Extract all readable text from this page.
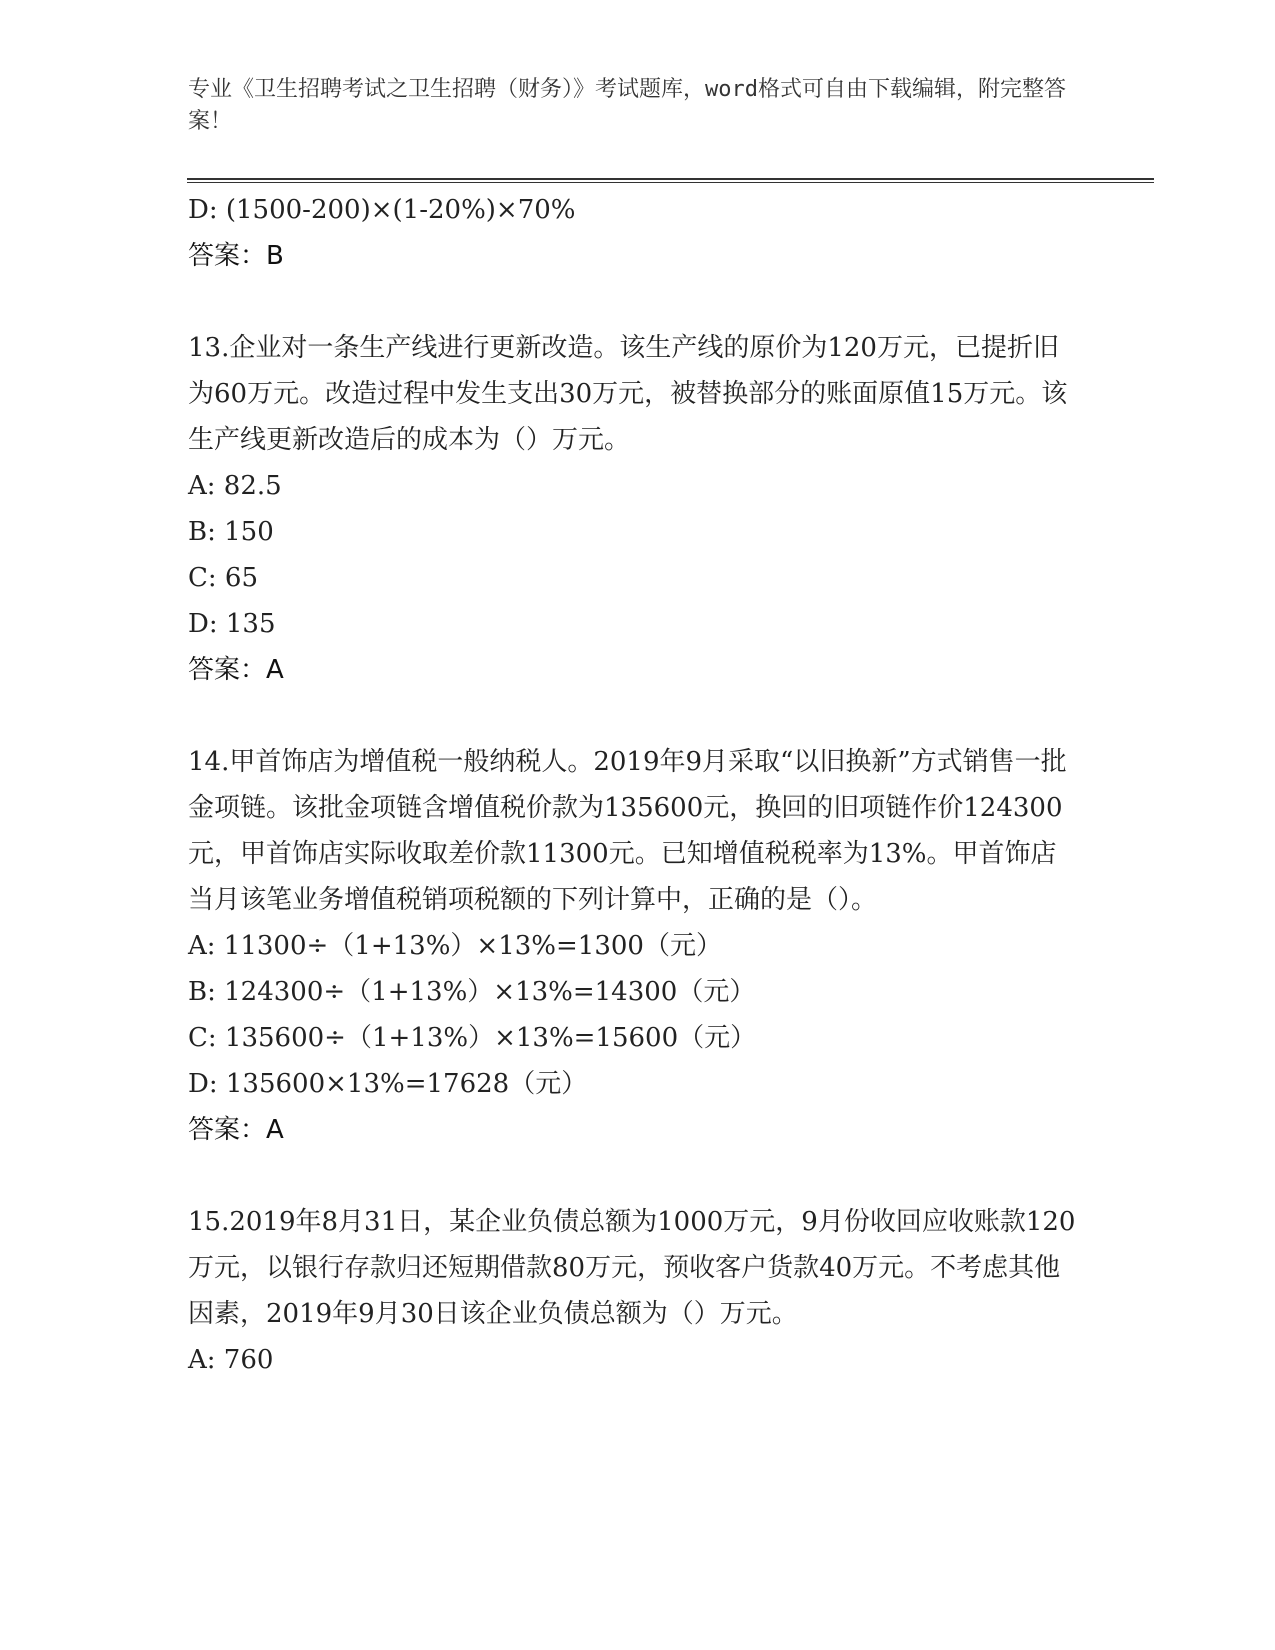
专业《卫生招聘考试之卫生招聘（财务）》考试题库，word格式可自由下载编辑，附完整答案！
D: (1500-200)×(1-20%)×70%
答案：B
13.企业对一条生产线进行更新改造。该生产线的原价为120万元，已提折旧为60万元。改造过程中发生支出30万元，被替换部分的账面原值15万元。该生产线更新改造后的成本为（）万元。
A: 82.5
B: 150
C: 65
D: 135
答案：A
14.甲首饰店为增值税一般纳税人。2019年9月采取“以旧换新”方式销售一批金项链。该批金项链含增值税价款为135600元，换回的旧项链作价124300元，甲首饰店实际收取差价款11300元。已知增值税税率为13%。甲首饰店当月该笔业务增值税销项税额的下列计算中，正确的是（）。
A: 11300÷（1+13%）×13%=1300（元）
B: 124300÷（1+13%）×13%=14300（元）
C: 135600÷（1+13%）×13%=15600（元）
D: 135600×13%=17628（元）
答案：A
15.2019年8月31日，某企业负债总额为1000万元，9月份收回应收账款120万元，以银行存款归还短期借款80万元，预收客户货款40万元。不考虑其他因素，2019年9月30日该企业负债总额为（）万元。
A: 760
